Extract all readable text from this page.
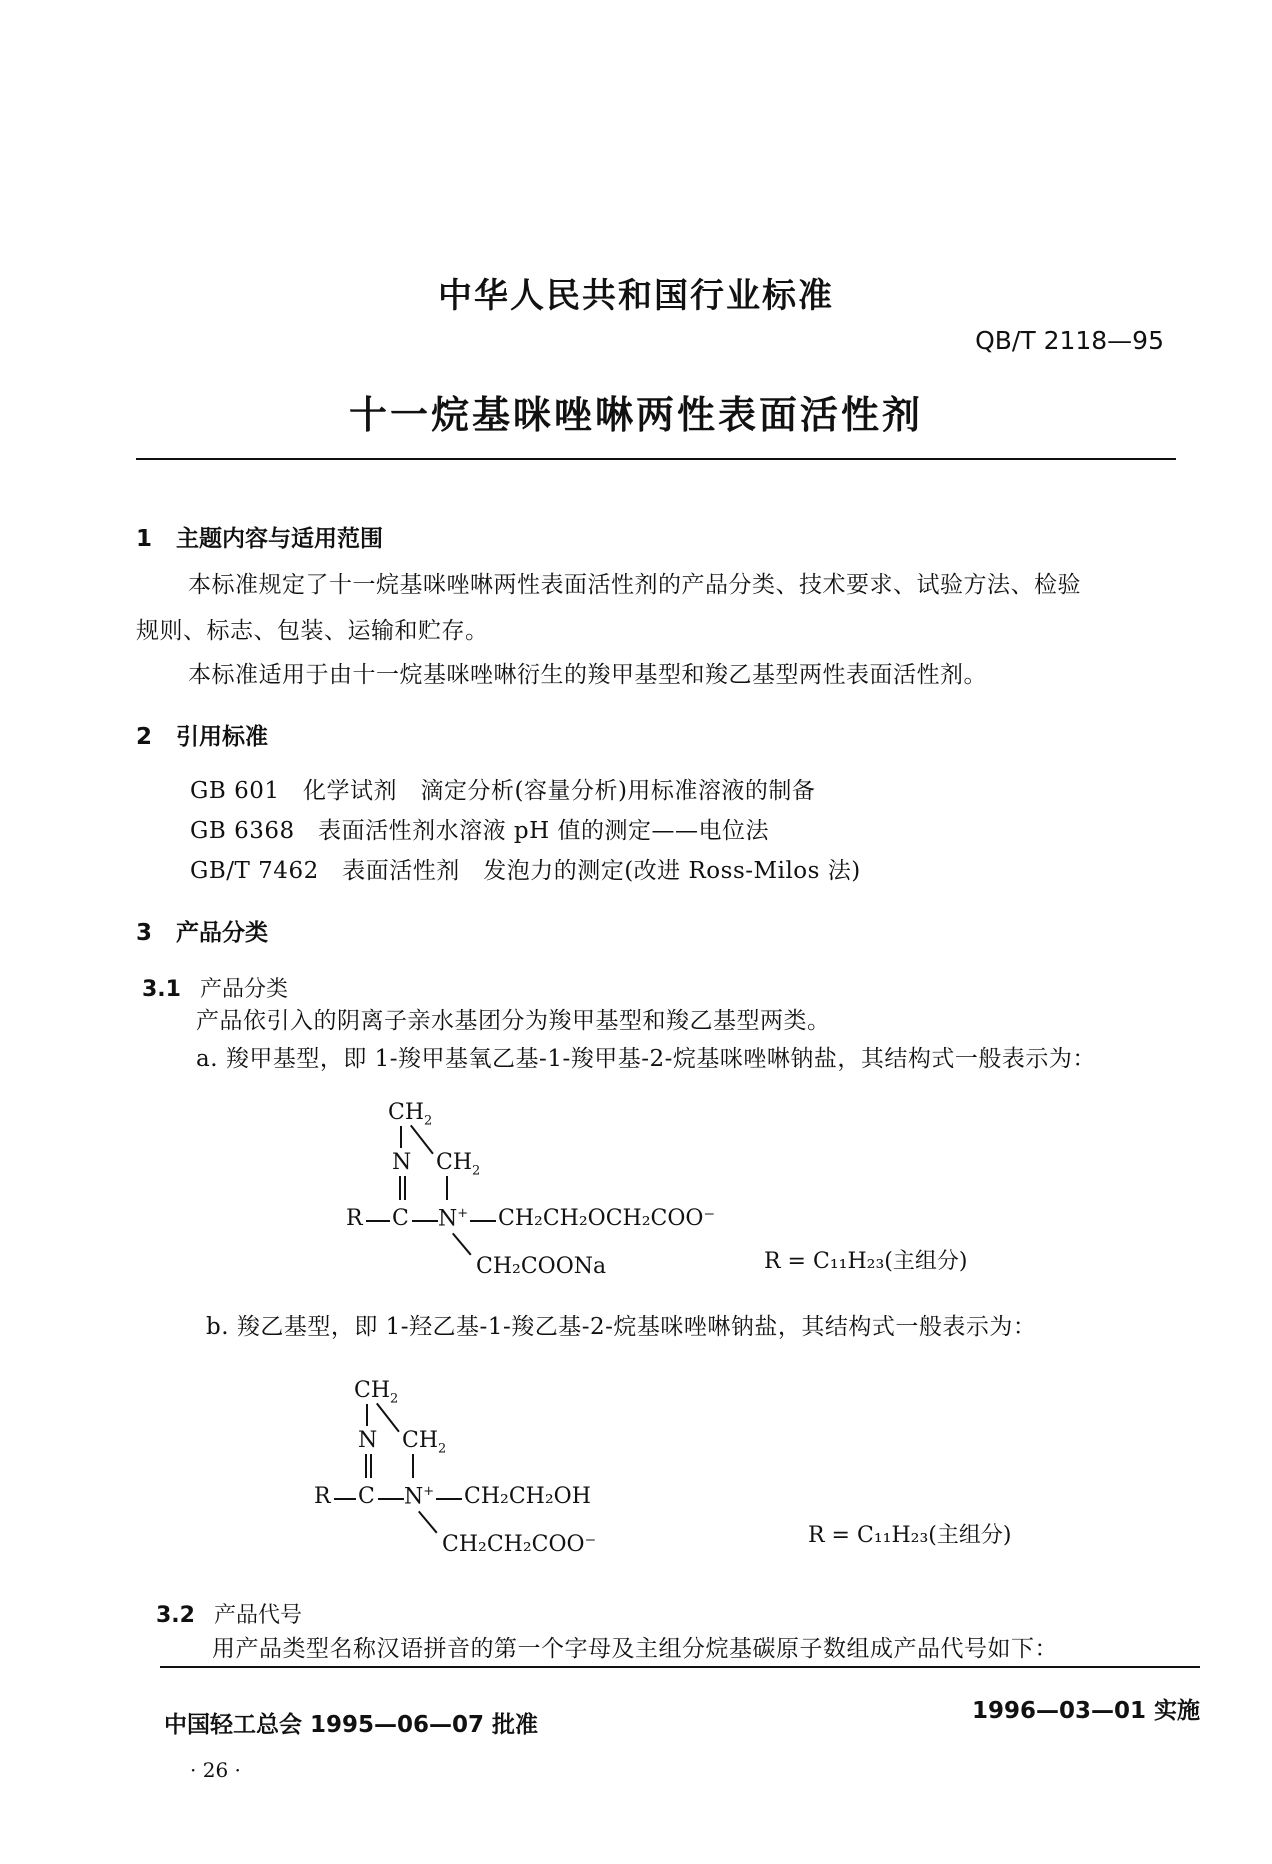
中华人民共和国行业标准
QB/T 2118—95
十一烷基咪唑啉两性表面活性剂
1 主题内容与适用范围
本标准规定了十一烷基咪唑啉两性表面活性剂的产品分类、技术要求、试验方法、检验
规则、标志、包装、运输和贮存。
本标准适用于由十一烷基咪唑啉衍生的羧甲基型和羧乙基型两性表面活性剂。
2 引用标准
GB 601　化学试剂　滴定分析(容量分析)用标准溶液的制备
GB 6368　表面活性剂水溶液 pH 值的测定——电位法
GB/T 7462　表面活性剂　发泡力的测定(改进 Ross-Milos 法)
3 产品分类
3.1 产品分类
产品依引入的阴离子亲水基团分为羧甲基型和羧乙基型两类。
a. 羧甲基型，即 1-羧甲基氧乙基-1-羧甲基-2-烷基咪唑啉钠盐，其结构式一般表示为：
$CH_2$
N $CH_2$
R C N+ CH₂CH₂OCH₂COO⁻
CH₂COONa	R = C₁₁H₂₃(主组分)
b. 羧乙基型，即 1-羟乙基-1-羧乙基-2-烷基咪唑啉钠盐，其结构式一般表示为：
$CH_2$
N $CH_2$
R C N+ CH₂CH₂OH
CH₂CH₂COO⁻	R = C₁₁H₂₃(主组分)
3.2 产品代号
用产品类型名称汉语拼音的第一个字母及主组分烷基碳原子数组成产品代号如下：
中国轻工总会 1995—06—07 批准
1996—03—01 实施
· 26 ·
